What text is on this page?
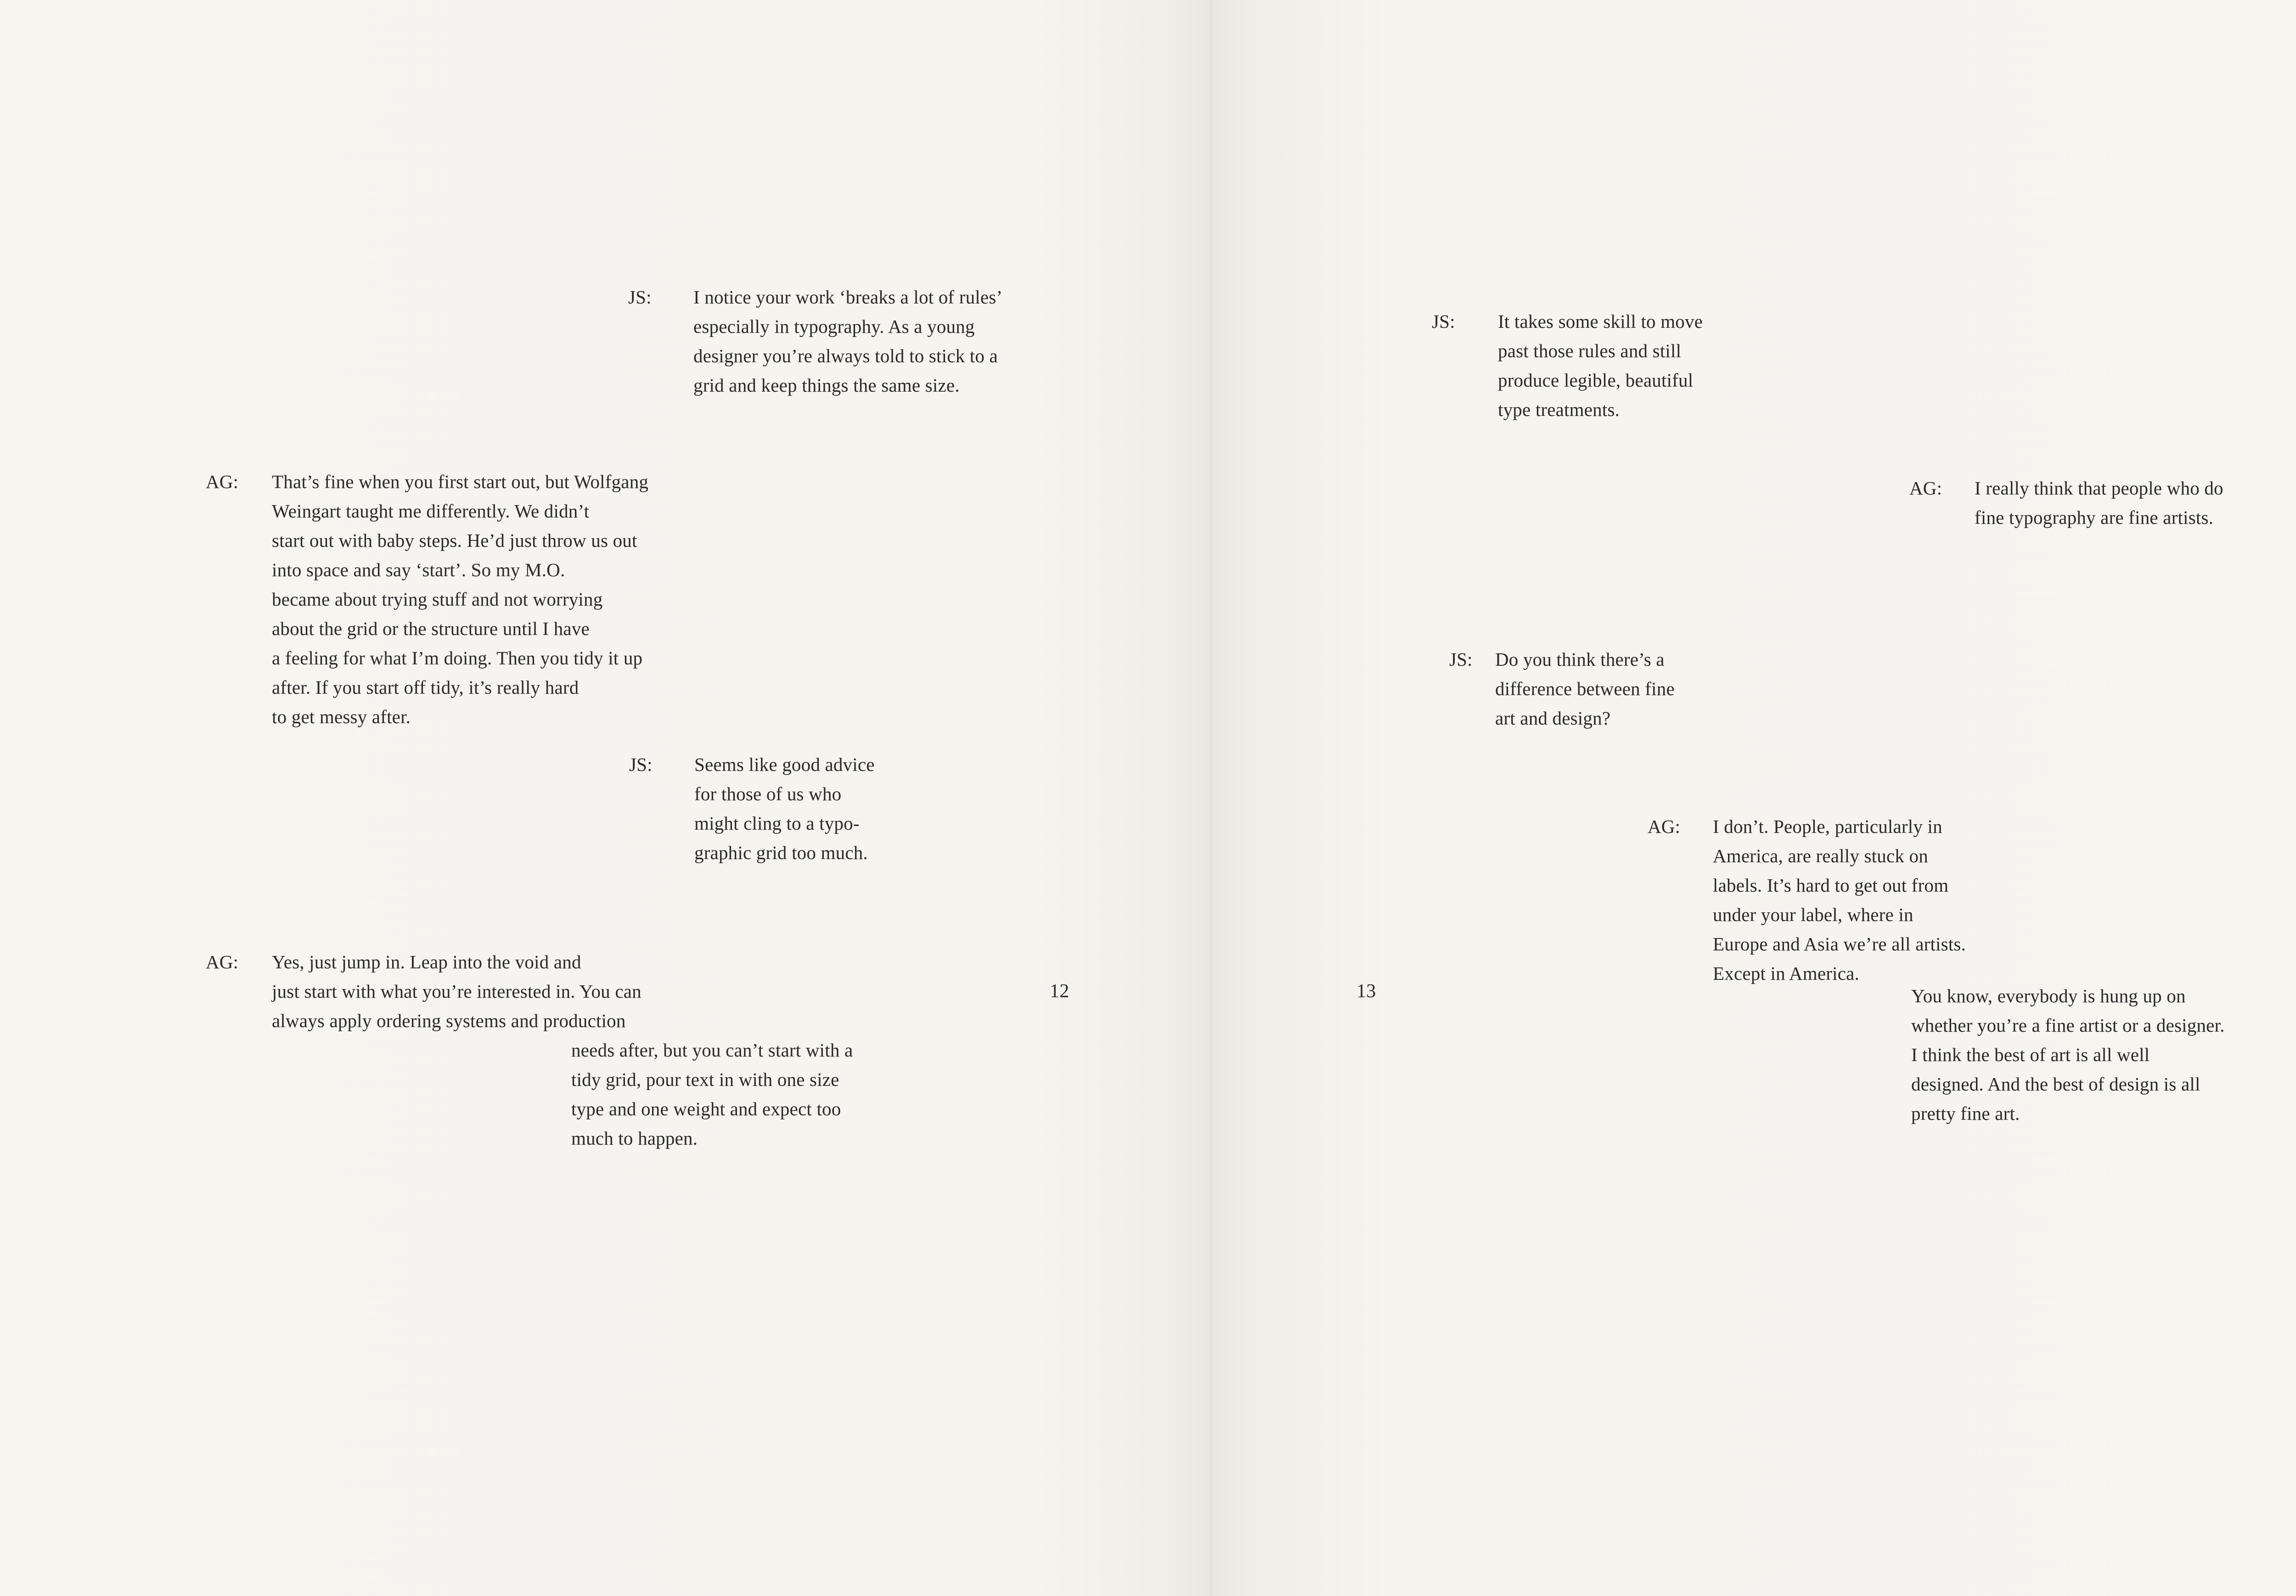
JS: I notice your work ‘breaks a lot of rules’
especially in typography. As a young
designer you’re always told to stick to a
grid and keep things the same size.
AG: That’s fine when you first start out, but Wolfgang
Weingart taught me differently. We didn’t
start out with baby steps. He’d just throw us out
into space and say ‘start’. So my M.O.
became about trying stuff and not worrying
about the grid or the structure until I have
a feeling for what I’m doing. Then you tidy it up
after. If you start off tidy, it’s really hard
to get messy after.
JS: Seems like good advice
for those of us who
might cling to a typo-
graphic grid too much.
AG: Yes, just jump in. Leap into the void and
just start with what you’re interested in. You can
always apply ordering systems and production
needs after, but you can’t start with a
tidy grid, pour text in with one size
type and one weight and expect too
much to happen.
12
JS: It takes some skill to move
past those rules and still
produce legible, beautiful
type treatments.
AG: I really think that people who do
fine typography are fine artists.
JS: Do you think there’s a
difference between fine
art and design?
AG: I don’t. People, particularly in
America, are really stuck on
labels. It’s hard to get out from
under your label, where in
Europe and Asia we’re all artists.
Except in America.
You know, everybody is hung up on
whether you’re a fine artist or a designer.
I think the best of art is all well
designed. And the best of design is all
pretty fine art.
13
